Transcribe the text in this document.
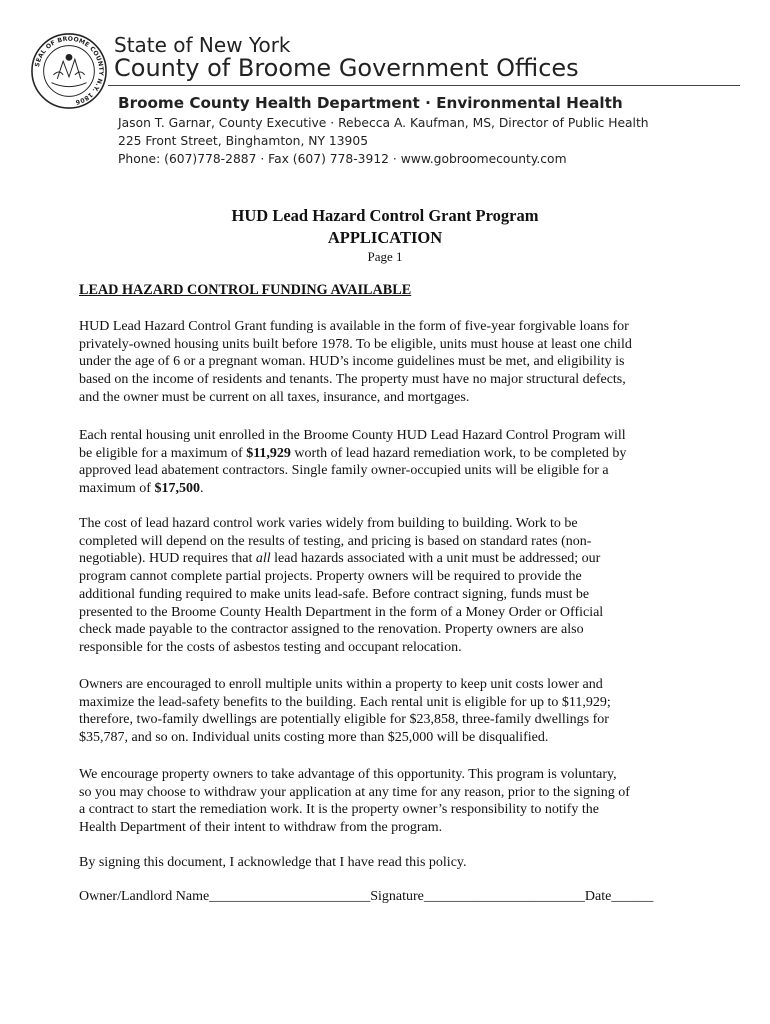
SEAL OF BROOME COUNTY N.Y. 1806
State of New York
County of Broome Government Offices
Broome County Health Department · Environmental Health
Jason T. Garnar, County Executive · Rebecca A. Kaufman, MS, Director of Public Health
225 Front Street, Binghamton, NY 13905
Phone: (607)778-2887 · Fax (607) 778-3912 · www.gobroomecounty.com
HUD Lead Hazard Control Grant Program
APPLICATION
Page 1
LEAD HAZARD CONTROL FUNDING AVAILABLE
HUD Lead Hazard Control Grant funding is available in the form of five-year forgivable loans for
privately-owned housing units built before 1978. To be eligible, units must house at least one child
under the age of 6 or a pregnant woman. HUD’s income guidelines must be met, and eligibility is
based on the income of residents and tenants. The property must have no major structural defects,
and the owner must be current on all taxes, insurance, and mortgages.
Each rental housing unit enrolled in the Broome County HUD Lead Hazard Control Program will
be eligible for a maximum of $11,929 worth of lead hazard remediation work, to be completed by
approved lead abatement contractors. Single family owner-occupied units will be eligible for a
maximum of $17,500.
The cost of lead hazard control work varies widely from building to building. Work to be
completed will depend on the results of testing, and pricing is based on standard rates (non-
negotiable). HUD requires that all lead hazards associated with a unit must be addressed; our
program cannot complete partial projects. Property owners will be required to provide the
additional funding required to make units lead-safe. Before contract signing, funds must be
presented to the Broome County Health Department in the form of a Money Order or Official
check made payable to the contractor assigned to the renovation. Property owners are also
responsible for the costs of asbestos testing and occupant relocation.
Owners are encouraged to enroll multiple units within a property to keep unit costs lower and
maximize the lead-safety benefits to the building. Each rental unit is eligible for up to $11,929;
therefore, two-family dwellings are potentially eligible for $23,858, three-family dwellings for
$35,787, and so on. Individual units costing more than $25,000 will be disqualified.
We encourage property owners to take advantage of this opportunity. This program is voluntary,
so you may choose to withdraw your application at any time for any reason, prior to the signing of
a contract to start the remediation work. It is the property owner’s responsibility to notify the
Health Department of their intent to withdraw from the program.
By signing this document, I acknowledge that I have read this policy.
Owner/Landlord Name_______________________Signature_______________________Date______
